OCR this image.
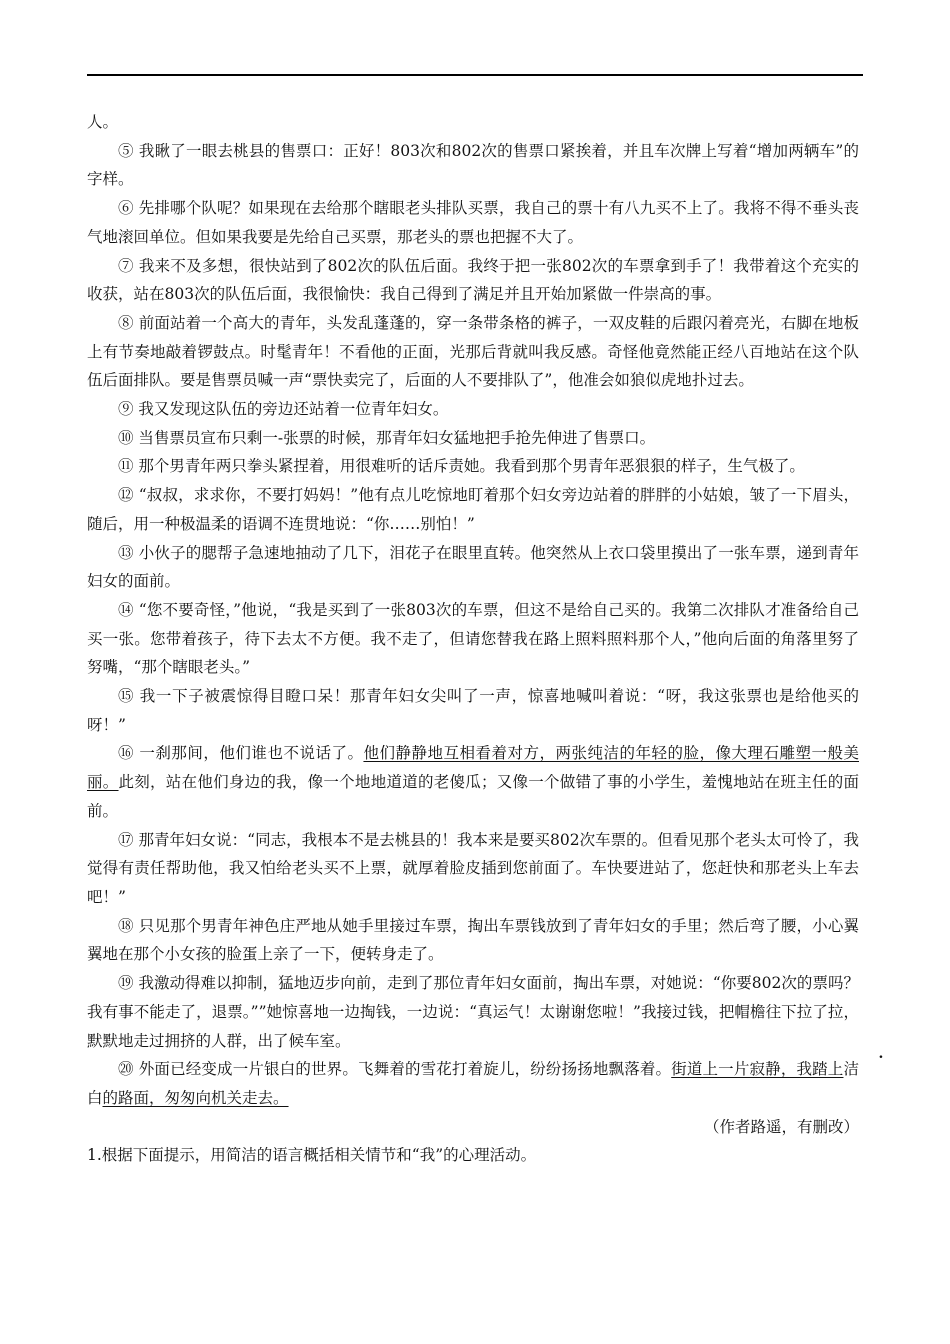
人。

⑤ 我瞅了一眼去桃县的售票口：正好！803次和802次的售票口紧挨着，并且车次牌上写着“增加两辆车”的字样。

⑥ 先排哪个队呢？如果现在去给那个瞎眼老头排队买票，我自己的票十有八九买不上了。我将不得不垂头丧气地滚回单位。但如果我要是先给自己买票，那老头的票也把握不大了。

⑦ 我来不及多想，很快站到了802次的队伍后面。我终于把一张802次的车票拿到手了！我带着这个充实的收获，站在803次的队伍后面，我很愉快：我自己得到了满足并且开始加紧做一件崇高的事。

⑧ 前面站着一个高大的青年，头发乱蓬蓬的，穿一条带条格的裤子，一双皮鞋的后跟闪着亮光，右脚在地板上有节奏地敲着锣鼓点。时髦青年！不看他的正面，光那后背就叫我反感。奇怪他竟然能正经八百地站在这个队伍后面排队。要是售票员喊一声“票快卖完了，后面的人不要排队了”，他准会如狼似虎地扑过去。

⑨ 我又发现这队伍的旁边还站着一位青年妇女。

⑩ 当售票员宣布只剩一-张票的时候，那青年妇女猛地把手抢先伸进了售票口。

⑪ 那个男青年两只拳头紧捏着，用很难听的话斥责她。我看到那个男青年恶狠狠的样子，生气极了。

⑫ “叔叔，求求你，不要打妈妈！”他有点儿吃惊地盯着那个妇女旁边站着的胖胖的小姑娘，皱了一下眉头，随后，用一种极温柔的语调不连贯地说：“你……别怕！”

⑬ 小伙子的腮帮子急速地抽动了几下，泪花子在眼里直转。他突然从上衣口袋里摸出了一张车票，递到青年妇女的面前。

⑭ “您不要奇怪，”他说，“我是买到了一张803次的车票，但这不是给自己买的。我第二次排队才准备给自己买一张。您带着孩子，待下去太不方便。我不走了，但请您替我在路上照料照料那个人，”他向后面的角落里努了努嘴，“那个瞎眼老头。”

⑮ 我一下子被震惊得目瞪口呆！那青年妇女尖叫了一声，惊喜地喊叫着说：“呀，我这张票也是给他买的呀！”

⑯ 一刹那间，他们谁也不说话了。他们静静地互相看着对方，两张纯洁的年轻的脸，像大理石雕塑一般美丽。此刻，站在他们身边的我，像一个地地道道的老傻瓜；又像一个做错了事的小学生，羞愧地站在班主任的面前。

⑰ 那青年妇女说：“同志，我根本不是去桃县的！我本来是要买802次车票的。但看见那个老头太可怜了，我觉得有责任帮助他，我又怕给老头买不上票，就厚着脸皮插到您前面了。车快要进站了，您赶快和那老头上车去吧！”

⑱ 只见那个男青年神色庄严地从她手里接过车票，掏出车票钱放到了青年妇女的手里；然后弯了腰，小心翼翼地在那个小女孩的脸蛋上亲了一下，便转身走了。

⑲ 我激动得难以抑制，猛地迈步向前，走到了那位青年妇女面前，掏出车票，对她说：“你要802次的票吗？我有事不能走了，退票。””她惊喜地一边掏钱，一边说：“真运气！太谢谢您啦！”我接过钱，把帽檐往下拉了拉，默默地走过拥挤的人群，出了候车室。

⑳ 外面已经变成一片银白的世界。飞舞着的雪花打着旋儿，纷纷扬扬地飘落着。街道上一片寂静，我踏上洁白的路面，匆匆向机关走去。

（作者路遥，有删改）

1.根据下面提示，用简洁的语言概括相关情节和“我”的心理活动。
